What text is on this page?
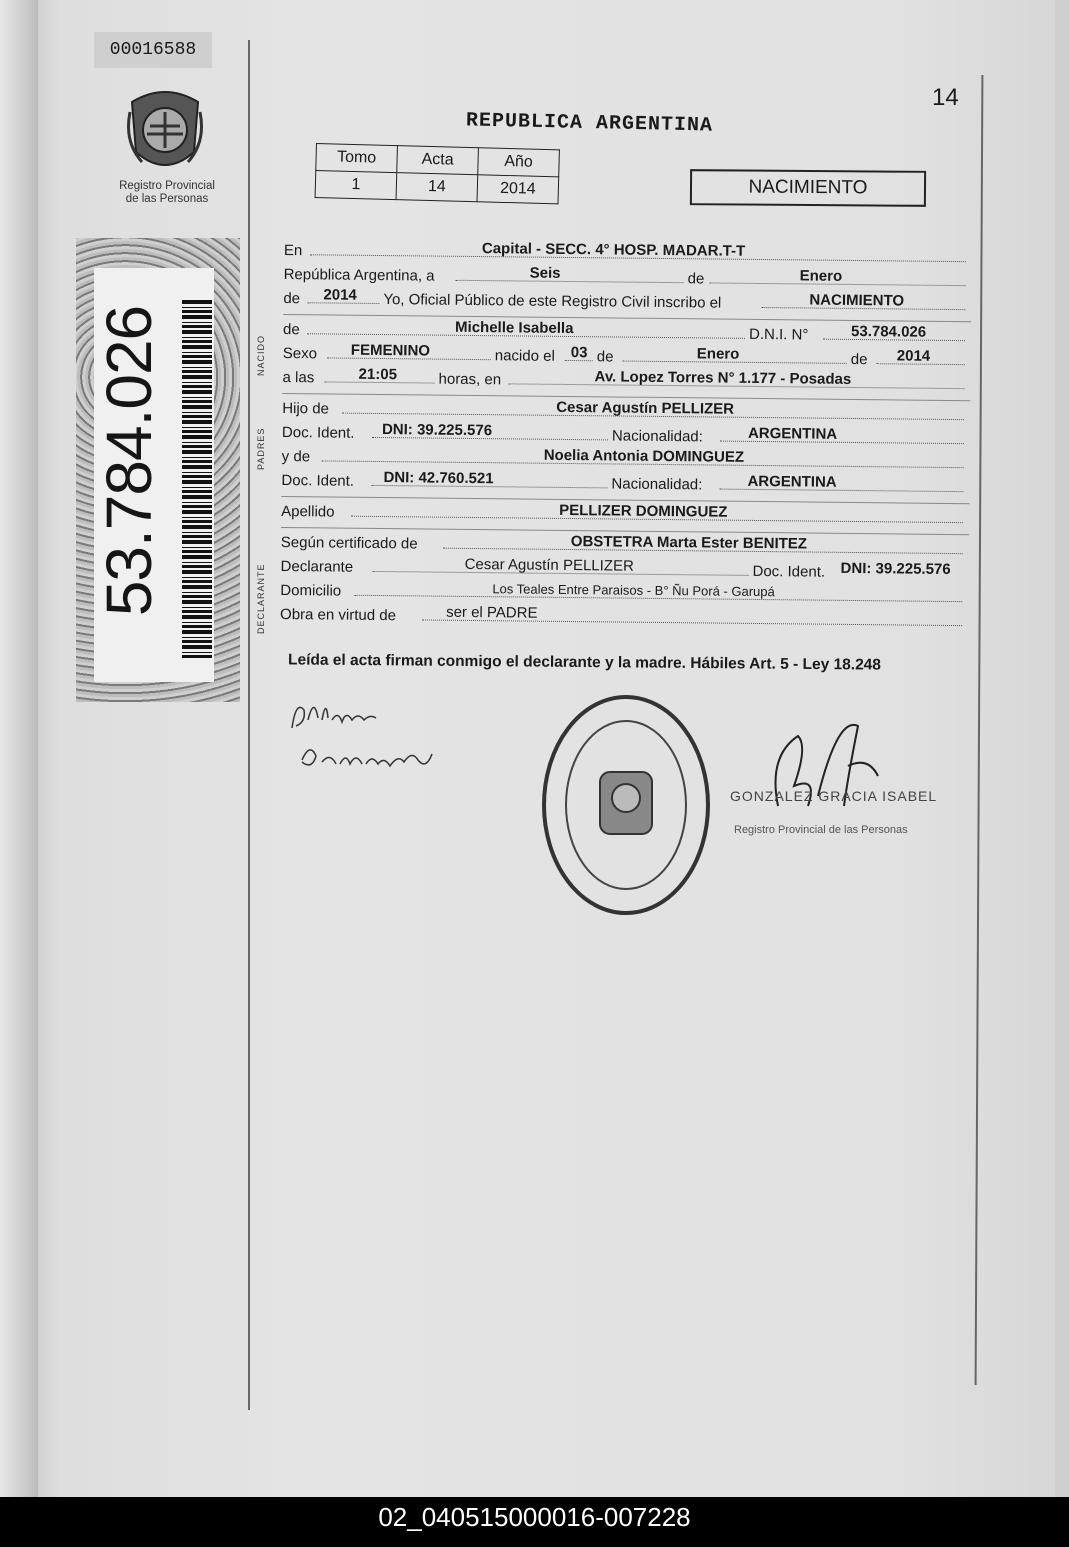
00016588
Registro Provincial
de las Personas
53.784.026
14
REPUBLICA ARGENTINA
Tomo	Acta	Año
1	14	2014	NACIMIENTO
NACIDO
PADRES
DECLARANTE
En	Capital - SECC. 4° HOSP. MADAR.T-T
República Argentina, a	Seis	de	Enero
de 2014 Yo, Oficial Público de este Registro Civil inscribo el	NACIMIENTO
de	Michelle Isabella	D.N.I. N°	53.784.026
Sexo FEMENINO	nacido el 03 de	Enero	de 2014
a las	21:05	horas, en	Av. Lopez Torres N° 1.177 - Posadas
Hijo de	Cesar Agustín PELLIZER
Doc. Ident. DNI: 39.225.576	Nacionalidad:	ARGENTINA
y de	Noelia Antonia DOMINGUEZ
Doc. Ident. DNI: 42.760.521	Nacionalidad:	ARGENTINA
Apellido	PELLIZER DOMINGUEZ
Según certificado de	OBSTETRA Marta Ester BENITEZ
Declarante	Cesar Agustín PELLIZER	Doc. Ident. DNI: 39.225.576
Domicilio	Los Teales Entre Paraisos - B° Ñu Porá - Garupá
Obra en virtud de	ser el PADRE
Leída el acta firman conmigo el declarante y la madre. Hábiles Art. 5 - Ley 18.248
GONZALEZ GRACIA ISABEL
Registro Provincial de las Personas
02_040515000016-007228
